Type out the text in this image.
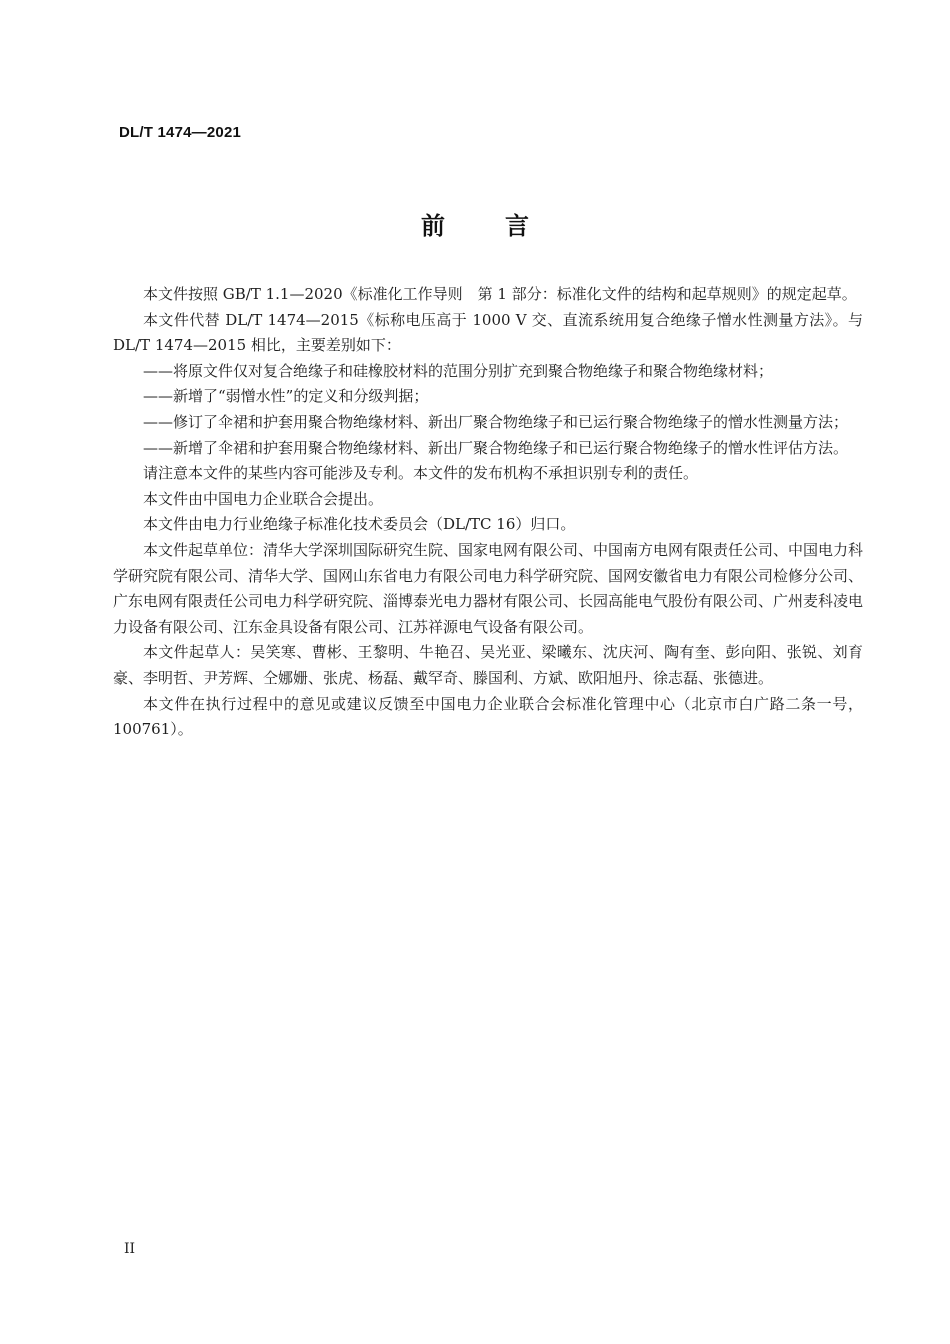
DL/T 1474—2021
前言

本文件按照 GB/T 1.1—2020《标准化工作导则　第 1 部分：标准化文件的结构和起草规则》的规定起草。

本文件代替 DL/T 1474—2015《标称电压高于 1000 V 交、直流系统用复合绝缘子憎水性测量方法》。与 DL/T 1474—2015 相比，主要差别如下：

——将原文件仅对复合绝缘子和硅橡胶材料的范围分别扩充到聚合物绝缘子和聚合物绝缘材料；

——新增了“弱憎水性”的定义和分级判据；

——修订了伞裙和护套用聚合物绝缘材料、新出厂聚合物绝缘子和已运行聚合物绝缘子的憎水性测量方法；

——新增了伞裙和护套用聚合物绝缘材料、新出厂聚合物绝缘子和已运行聚合物绝缘子的憎水性评估方法。

请注意本文件的某些内容可能涉及专利。本文件的发布机构不承担识别专利的责任。

本文件由中国电力企业联合会提出。

本文件由电力行业绝缘子标准化技术委员会（DL/TC 16）归口。

本文件起草单位：清华大学深圳国际研究生院、国家电网有限公司、中国南方电网有限责任公司、中国电力科学研究院有限公司、清华大学、国网山东省电力有限公司电力科学研究院、国网安徽省电力有限公司检修分公司、广东电网有限责任公司电力科学研究院、淄博泰光电力器材有限公司、长园高能电气股份有限公司、广州麦科凌电力设备有限公司、江东金具设备有限公司、江苏祥源电气设备有限公司。

本文件起草人：吴笑寒、曹彬、王黎明、牛艳召、吴光亚、梁曦东、沈庆河、陶有奎、彭向阳、张锐、刘育豪、李明哲、尹芳辉、仝娜姗、张虎、杨磊、戴罕奇、滕国利、方斌、欧阳旭丹、徐志磊、张德进。

本文件在执行过程中的意见或建议反馈至中国电力企业联合会标准化管理中心（北京市白广路二条一号，100761）。

II
